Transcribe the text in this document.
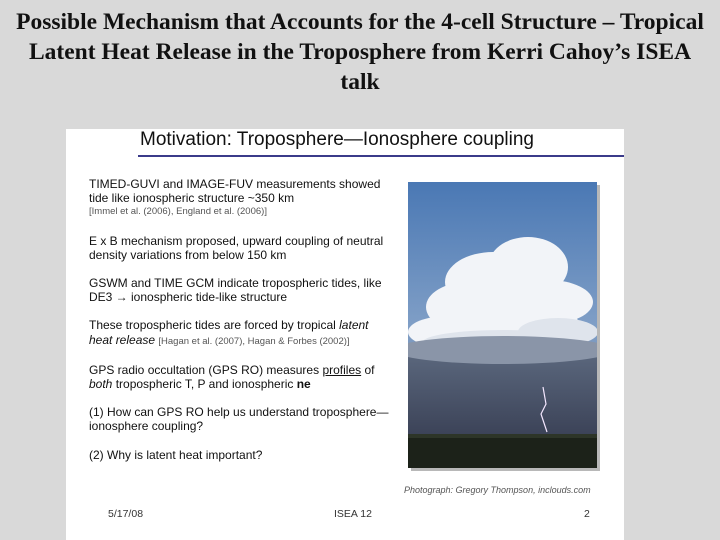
Possible Mechanism that Accounts for the 4-cell Structure – Tropical Latent Heat Release in the Troposphere from Kerri Cahoy’s ISEA talk
Motivation: Troposphere—Ionosphere coupling
TIMED-GUVI and IMAGE-FUV measurements showed tide like ionospheric structure ~350 km
[Immel et al. (2006), England et al. (2006)]
E x B mechanism proposed, upward coupling of neutral density variations from below 150 km
GSWM and TIME GCM indicate tropospheric tides, like DE3 → ionospheric tide-like structure
These tropospheric tides are forced by tropical latent heat release [Hagan et al. (2007), Hagan & Forbes (2002)]
GPS radio occultation (GPS RO) measures profiles of both tropospheric T, P and ionospheric ne
(1) How can GPS RO help us understand troposphere—ionosphere coupling?
(2) Why is latent heat important?
Photograph: Gregory Thompson, inclouds.com
5/17/08	ISEA 12	2
